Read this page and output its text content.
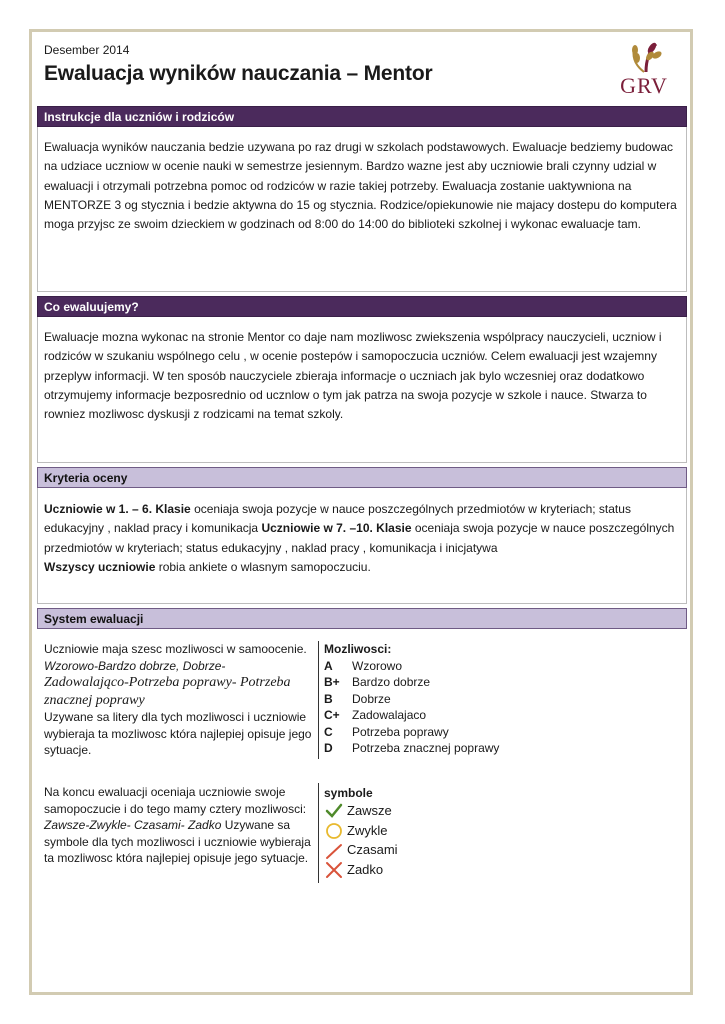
Desember 2014
Ewaluacja wyników nauczania – Mentor	GRV
Instrukcje dla uczniów i rodziców
Ewaluacja wyników nauczania bedzie uzywana po raz drugi w szkolach podstawowych. Ewaluacje bedziemy budowac na udziace uczniow w ocenie nauki w semestrze jesiennym. Bardzo wazne jest aby uczniowie brali czynny udzial w ewaluacji i otrzymali potrzebna pomoc od rodziców w razie takiej potrzeby. Ewaluacja zostanie uaktywniona na MENTORZE 3 og stycznia i bedzie aktywna do 15 og stycznia. Rodzice/opiekunowie nie majacy dostepu do komputera moga przyjsc ze swoim dzieckiem w godzinach od 8:00 do 14:00 do biblioteki szkolnej i wykonac ewaluacje tam.
Co ewaluujemy?
Ewaluacje mozna wykonac na stronie Mentor co daje nam mozliwosc zwiekszenia wspólpracy nauczycieli, uczniow i rodziców w szukaniu wspólnego celu , w ocenie postepów i samopoczucia uczniów. Celem ewaluacji jest wzajemny przeplyw informacji. W ten sposób nauczyciele zbieraja informacje o uczniach jak bylo wczesniej oraz dodatkowo otrzymujemy informacje bezposrednio od ucznlow o tym jak patrza na swoja pozycje w szkole i nauce. Stwarza to rowniez mozliwosc dyskusji z rodzicami na temat szkoly.
Kryteria oceny
Uczniowie w 1. – 6. Klasie oceniaja swoja pozycje w nauce poszczególnych przedmiotów w kryteriach; status edukacyjny , naklad pracy i komunikacja Uczniowie w 7. –10. Klasie oceniaja swoja pozycje w nauce poszczególnych przedmiotów w kryteriach; status edukacyjny , naklad pracy , komunikacja i inicjatywa
Wszyscy uczniowie robia ankiete o wlasnym samopoczuciu.
System ewaluacji
Uczniowie maja szesc mozliwosci w samoocenie.
Wzorowo-Bardzo dobrze, Dobrze-
Zadowalająco-Potrzeba poprawy- Potrzeba znacznej poprawy
Uzywane sa litery dla tych mozliwosci i uczniowie wybieraja ta mozliwosc która najlepiej opisuje jego sytuacje.
Na koncu ewaluacji oceniaja uczniowie swoje samopoczucie i do tego mamy cztery mozliwosci: Zawsze-Zwykle- Czasami- Zadko Uzywane sa symbole dla tych mozliwosci i uczniowie wybieraja ta mozliwosc która najlepiej opisuje jego sytuacje.
Mozliwosci:
A	Wzorowo
B+	Bardzo dobrze
B	Dobrze
C+	Zadowalajaco
C	Potrzeba poprawy
D	Potrzeba znacznej poprawy
symbole
Zawsze
Zwykle
Czasami
Zadko
